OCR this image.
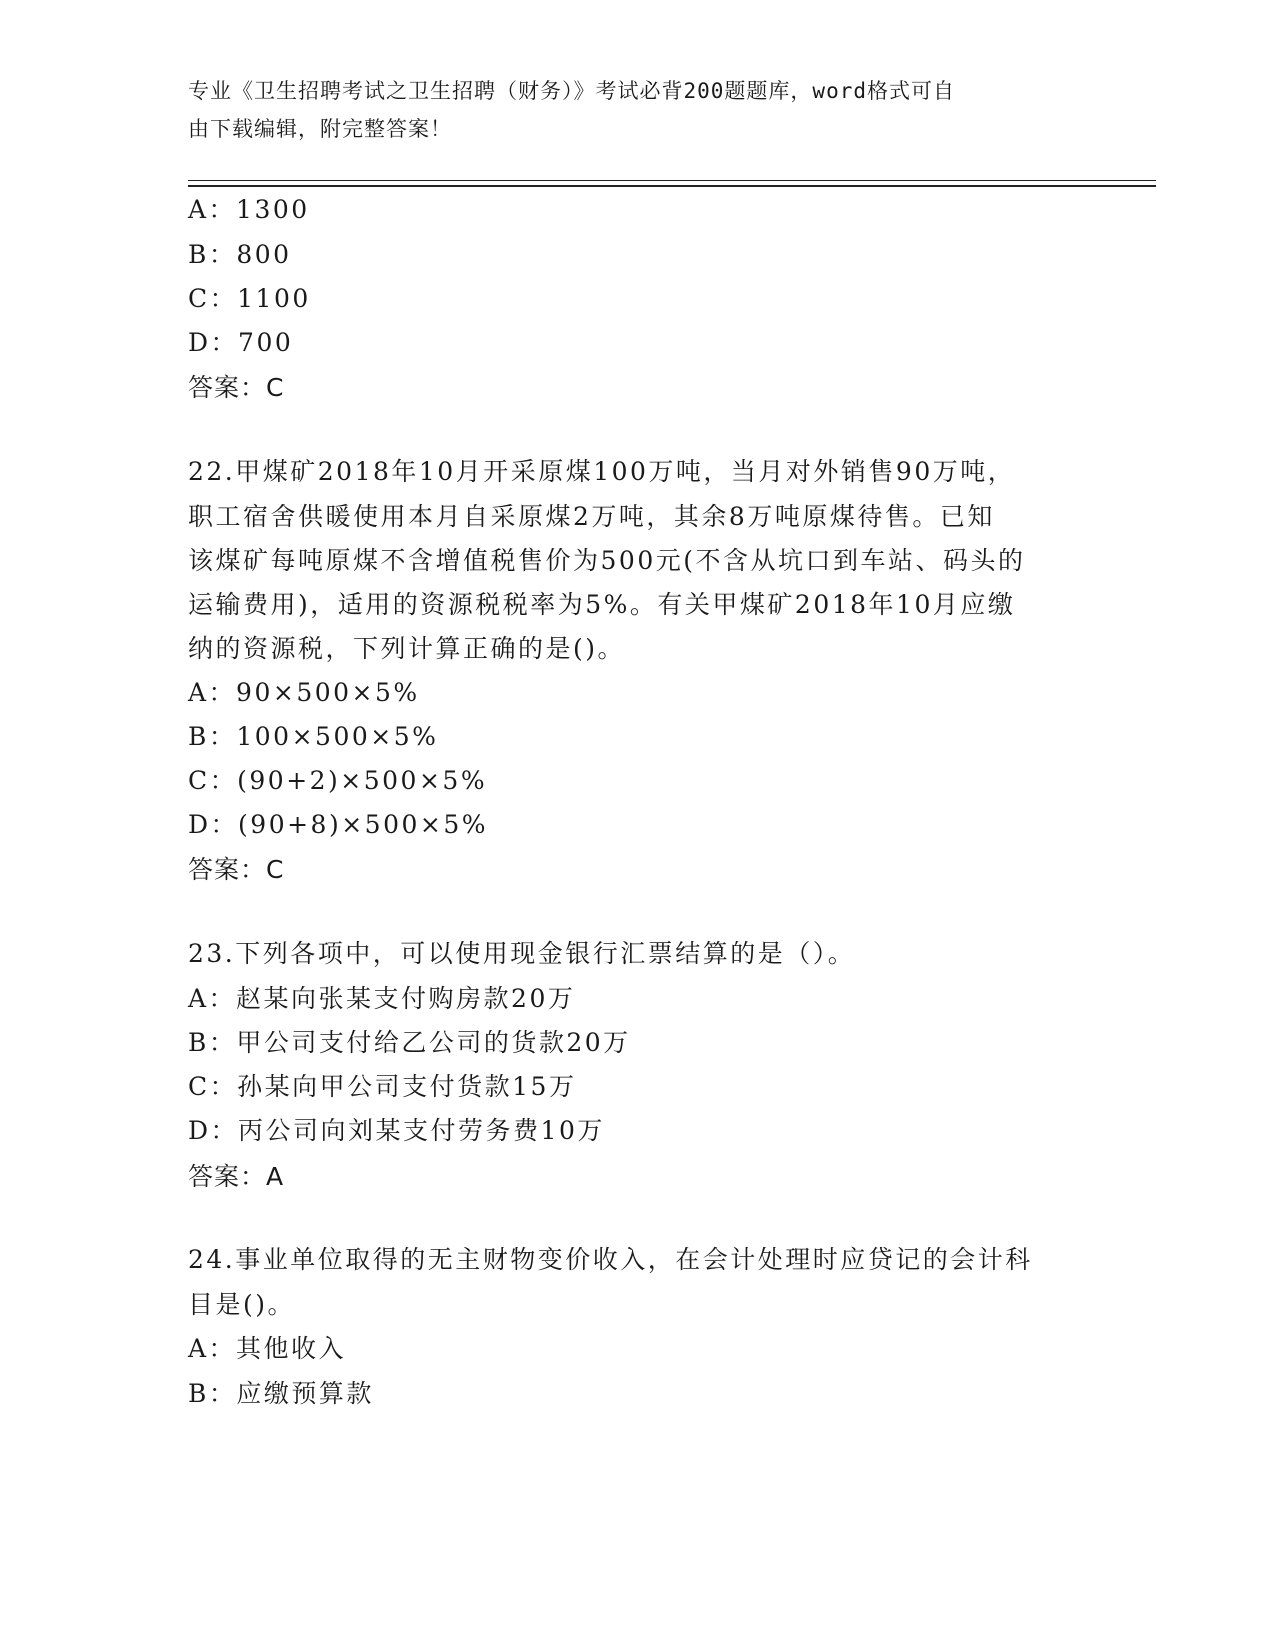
专业《卫生招聘考试之卫生招聘（财务）》考试必背200题题库，word格式可自
由下载编辑，附完整答案！
A：1300
B：800
C：1100
D：700
答案：C
22.甲煤矿2018年10月开采原煤100万吨，当月对外销售90万吨，
职工宿舍供暖使用本月自采原煤2万吨，其余8万吨原煤待售。已知
该煤矿每吨原煤不含增值税售价为500元(不含从坑口到车站、码头的
运输费用)，适用的资源税税率为5%。有关甲煤矿2018年10月应缴
纳的资源税，下列计算正确的是()。
A：90×500×5%
B：100×500×5%
C：(90+2)×500×5%
D：(90+8)×500×5%
答案：C
23.下列各项中，可以使用现金银行汇票结算的是（）。
A：赵某向张某支付购房款20万
B：甲公司支付给乙公司的货款20万
C：孙某向甲公司支付货款15万
D：丙公司向刘某支付劳务费10万
答案：A
24.事业单位取得的无主财物变价收入，在会计处理时应贷记的会计科
目是()。
A：其他收入
B：应缴预算款
